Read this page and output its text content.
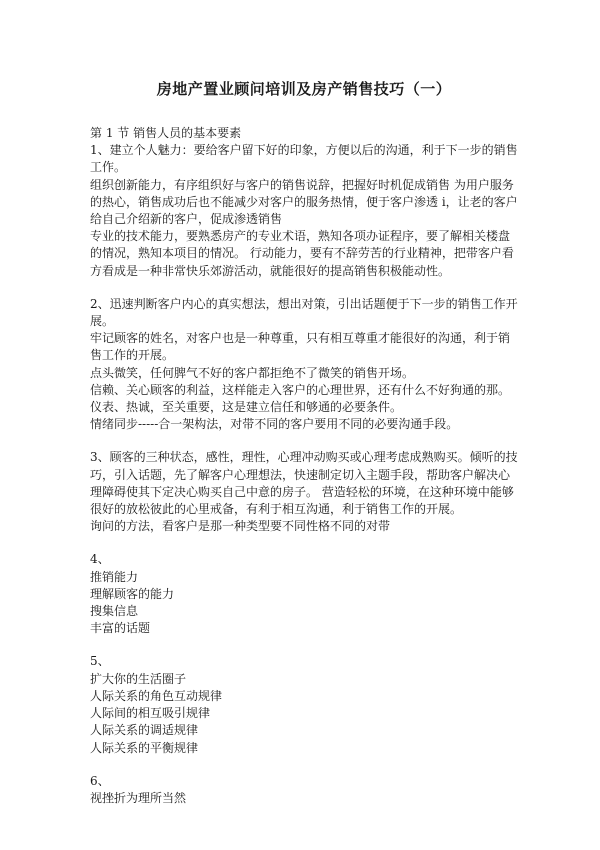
房地产置业顾问培训及房产销售技巧（一）

第 1 节 销售人员的基本要素

1、建立个人魅力：要给客户留下好的印象，方便以后的沟通，利于下一步的销售工作。

组织创新能力，有序组织好与客户的销售说辞，把握好时机促成销售 为用户服务的热心，销售成功后也不能减少对客户的服务热情，便于客户渗透 i，让老的客户给自己介绍新的客户，促成渗透销售

专业的技术能力，要熟悉房产的专业术语，熟知各项办证程序，要了解相关楼盘的情况，熟知本项目的情况。 行动能力，要有不辞劳苦的行业精神，把带客户看方看成是一种非常快乐郊游活动，就能很好的提高销售积极能动性。

2、迅速判断客户内心的真实想法，想出对策，引出话题便于下一步的销售工作开展。

牢记顾客的姓名，对客户也是一种尊重，只有相互尊重才能很好的沟通，利于销售工作的开展。

点头微笑，任何脾气不好的客户都拒绝不了微笑的销售开场。

信赖、关心顾客的利益，这样能走入客户的心理世界，还有什么不好狗通的那。

仪表、热诚，至关重要，这是建立信任和够通的必要条件。

情绪同步-----合一架构法，对带不同的客户要用不同的必要沟通手段。

3、顾客的三种状态，感性，理性，心理冲动购买或心理考虑成熟购买。倾听的技巧，引入话题，先了解客户心理想法，快速制定切入主题手段，帮助客户解决心理障碍使其下定决心购买自己中意的房子。 营造轻松的环境，在这种环境中能够很好的放松彼此的心里戒备，有利于相互沟通，利于销售工作的开展。

询问的方法，看客户是那一种类型要不同性格不同的对带

4、

推销能力

理解顾客的能力

搜集信息

丰富的话题

5、

扩大你的生活圈子

人际关系的角色互动规律

人际间的相互吸引规律

人际关系的调适规律

人际关系的平衡规律

6、

视挫折为理所当然
